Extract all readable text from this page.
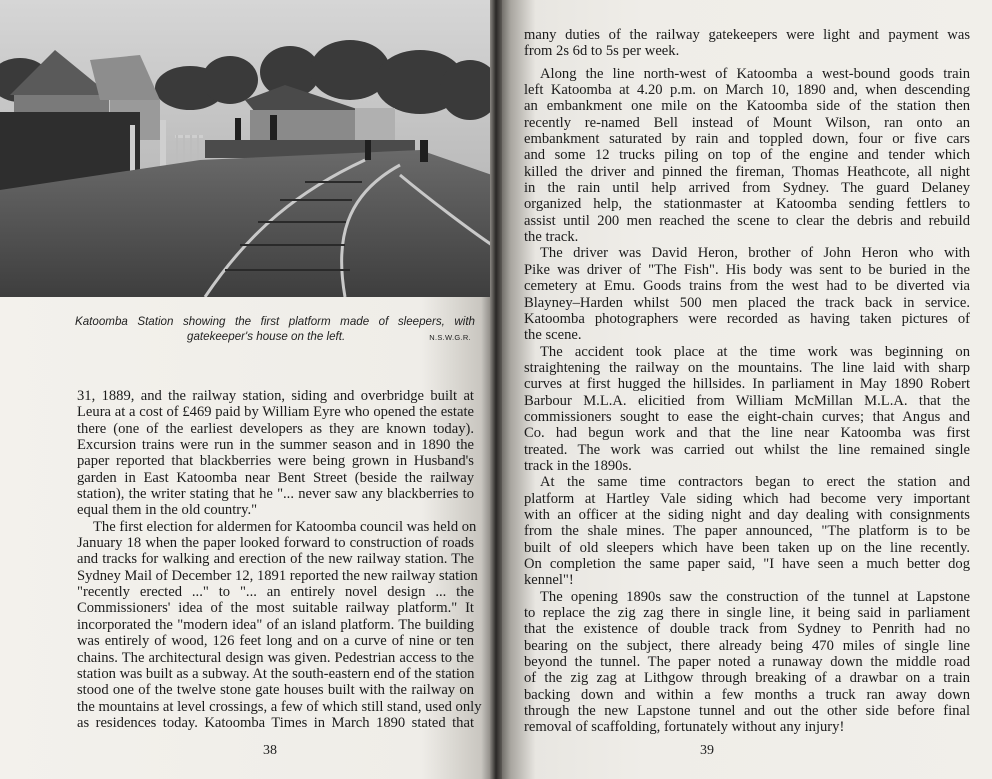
Katoomba Station showing the first platform made of sleepers, with
gatekeeper's house on the left.	N.S.W.G.R.
31, 1889, and the railway station, siding and overbridge built at
Leura at a cost of £469 paid by William Eyre who opened the estate
there (one of the earliest developers as they are known today).
Excursion trains were run in the summer season and in 1890 the
paper reported that blackberries were being grown in Husband's
garden in East Katoomba near Bent Street (beside the railway
station), the writer stating that he "... never saw any blackberries to
equal them in the old country."
The first election for aldermen for Katoomba council was held on
January 18 when the paper looked forward to construction of roads
and tracks for walking and erection of the new railway station. The
Sydney Mail of December 12, 1891 reported the new railway station
"recently erected ..." to "... an entirely novel design ... the
Commissioners' idea of the most suitable railway platform." It
incorporated the "modern idea" of an island platform. The building
was entirely of wood, 126 feet long and on a curve of nine or ten
chains. The architectural design was given. Pedestrian access to the
station was built as a subway. At the south-eastern end of the station
stood one of the twelve stone gate houses built with the railway on
the mountains at level crossings, a few of which still stand, used only
as residences today. Katoomba Times in March 1890 stated that
38
many duties of the railway gatekeepers were light and payment was
from 2s 6d to 5s per week.
Along the line north-west of Katoomba a west-bound goods train
left Katoomba at 4.20 p.m. on March 10, 1890 and, when descending
an embankment one mile on the Katoomba side of the station then
recently re-named Bell instead of Mount Wilson, ran onto an
embankment saturated by rain and toppled down, four or five cars
and some 12 trucks piling on top of the engine and tender which
killed the driver and pinned the fireman, Thomas Heathcote, all night
in the rain until help arrived from Sydney. The guard Delaney
organized help, the stationmaster at Katoomba sending fettlers to
assist until 200 men reached the scene to clear the debris and rebuild
the track.
The driver was David Heron, brother of John Heron who with
Pike was driver of "The Fish". His body was sent to be buried in the
cemetery at Emu. Goods trains from the west had to be diverted via
Blayney–Harden whilst 500 men placed the track back in service.
Katoomba photographers were recorded as having taken pictures of
the scene.
The accident took place at the time work was beginning on
straightening the railway on the mountains. The line laid with sharp
curves at first hugged the hillsides. In parliament in May 1890 Robert
Barbour M.L.A. elicitied from William McMillan M.L.A. that the
commissioners sought to ease the eight-chain curves; that Angus and
Co. had begun work and that the line near Katoomba was first
treated. The work was carried out whilst the line remained single
track in the 1890s.
At the same time contractors began to erect the station and
platform at Hartley Vale siding which had become very important
with an officer at the siding night and day dealing with consignments
from the shale mines. The paper announced, "The platform is to be
built of old sleepers which have been taken up on the line recently.
On completion the same paper said, "I have seen a much better dog
kennel"!
The opening 1890s saw the construction of the tunnel at Lapstone
to replace the zig zag there in single line, it being said in parliament
that the existence of double track from Sydney to Penrith had no
bearing on the subject, there already being 470 miles of single line
beyond the tunnel. The paper noted a runaway down the middle road
of the zig zag at Lithgow through breaking of a drawbar on a train
backing down and within a few months a truck ran away down
through the new Lapstone tunnel and out the other side before final
removal of scaffolding, fortunately without any injury!
39
